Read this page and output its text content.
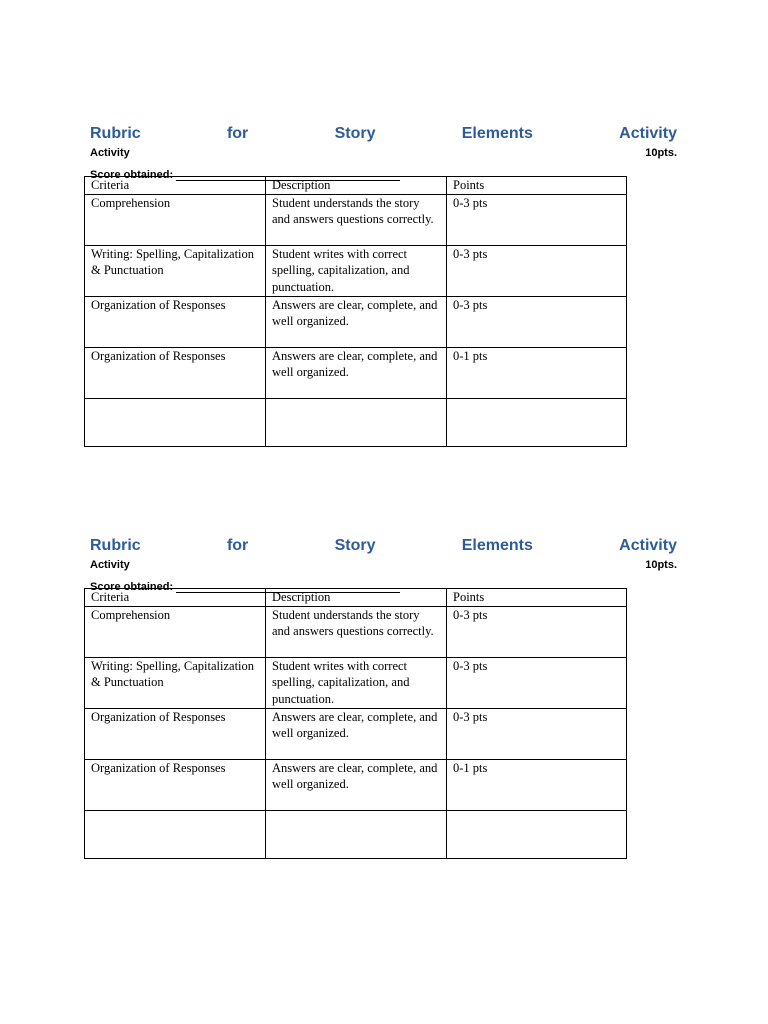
Rubric	for	Story	Elements	Activity
Activity	10pts.
Score obtained:
Criteria	Description	Points
Comprehension	Student understands the story and answers questions correctly.	0-3 pts
Writing: Spelling, Capitalization & Punctuation	Student writes with correct spelling, capitalization, and punctuation.	0-3 pts
Organization of Responses	Answers are clear, complete, and well organized.	0-3 pts
Organization of Responses	Answers are clear, complete, and well organized.	0-1 pts

Rubric	for	Story	Elements	Activity
Activity	10pts.
Score obtained:
Criteria	Description	Points
Comprehension	Student understands the story and answers questions correctly.	0-3 pts
Writing: Spelling, Capitalization & Punctuation	Student writes with correct spelling, capitalization, and punctuation.	0-3 pts
Organization of Responses	Answers are clear, complete, and well organized.	0-3 pts
Organization of Responses	Answers are clear, complete, and well organized.	0-1 pts
